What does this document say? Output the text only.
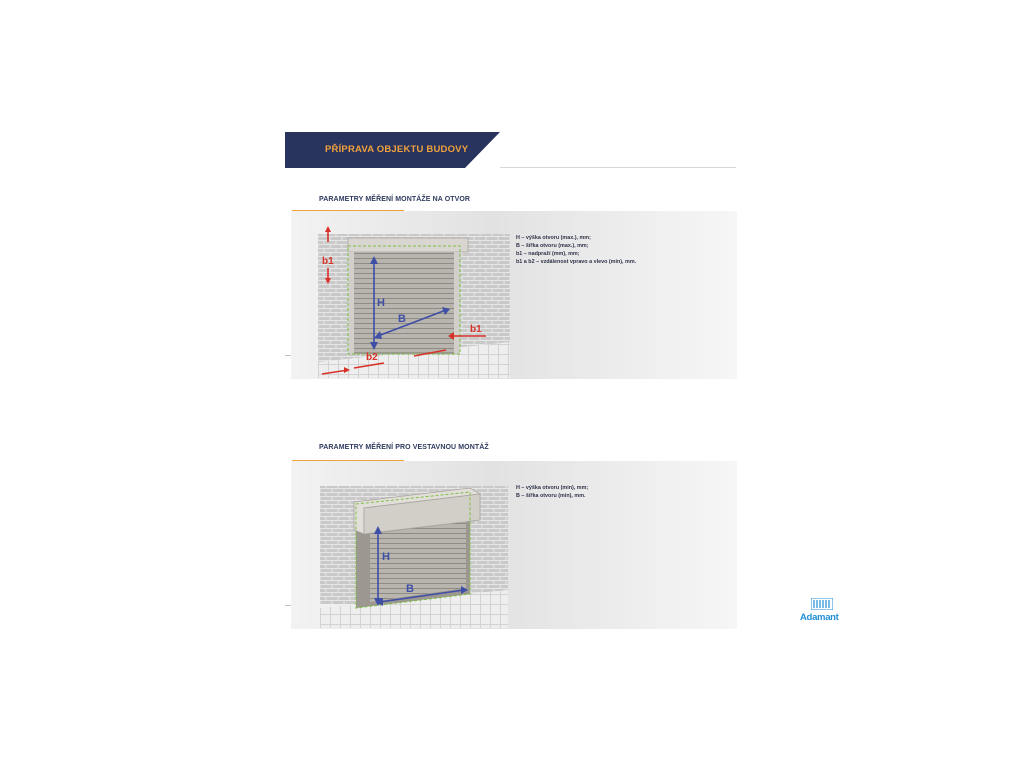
PŘÍPRAVA OBJEKTU BUDOVY
PARAMETRY MĚŘENÍ MONTÁŽE NA OTVOR
H
B
b1
b1
b2
H – výška otvoru (max.), mm;
B – šířka otvoru (max.), mm;
b1 – nadpraží (mm), mm;
b1 a b2 – vzdálenost vpravo a vlevo (min), mm.
PARAMETRY MĚŘENÍ PRO VESTAVNOU MONTÁŽ
H
B
H – výška otvoru (min), mm;
B – šířka otvoru (min), mm.
Adamant
